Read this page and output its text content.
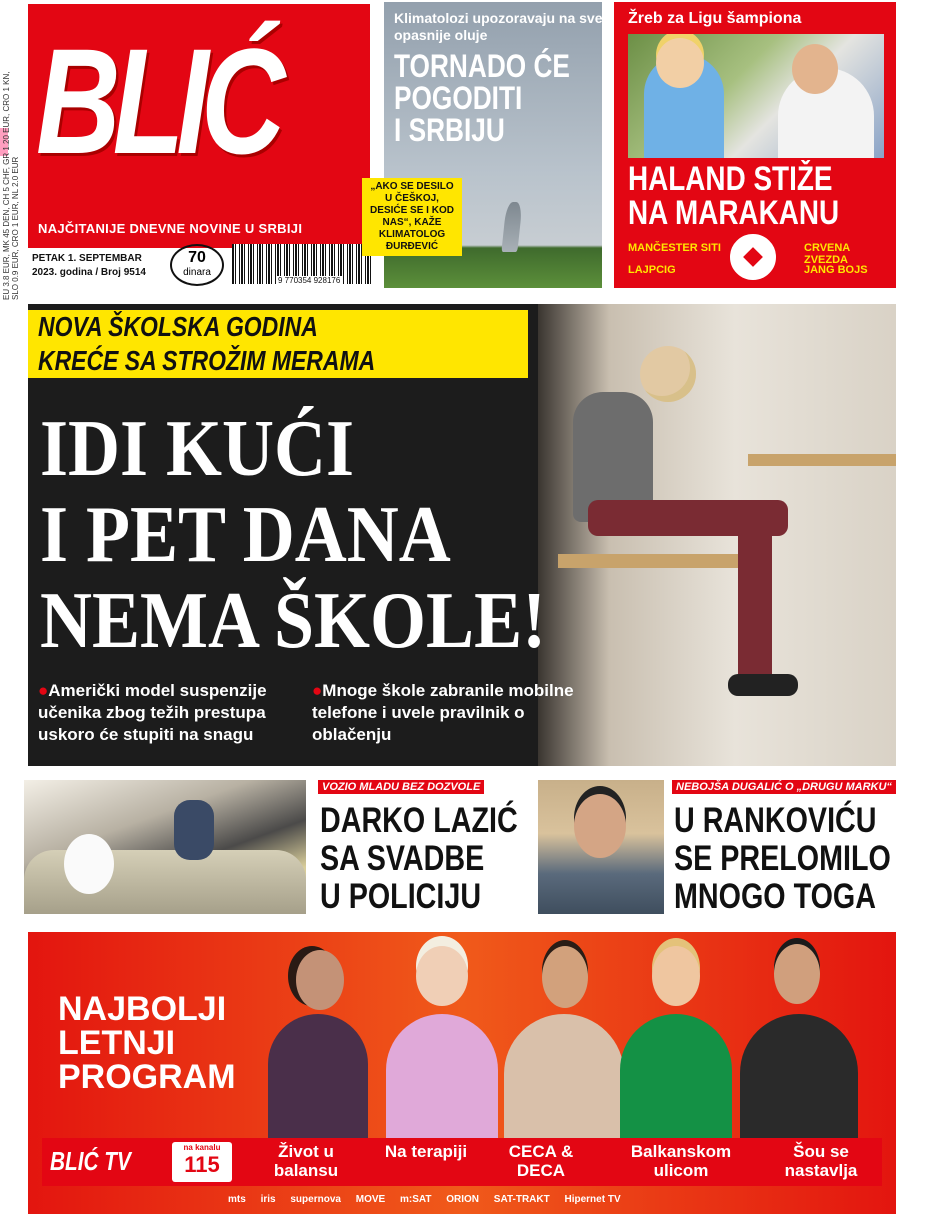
EU 3.8 EUR, MK 45 DEN, CH 5 CHF, GR 1.20 EUR, CRO 1 KN, SLO 0.9 EUR, CRO 1 EUR, NL 2.0 EUR
BLIĆ
NAJČITANIJE DNEVNE NOVINE U SRBIJI
PETAK 1. SEPTEMBAR
2023. godina / Broj 9514
70
dinara
9 770354 928176
Klimatolozi upozoravaju na sve opasnije oluje
TORNADO ĆE
POGODITI
I SRBIJU
„AKO SE DESILO U ČEŠKOJ, DESIĆE SE I KOD NAS“, KAŽE KLIMATOLOG ĐURĐEVIĆ
Žreb za Ligu šampiona
HALAND STIŽE
NA MARAKANU
MANČESTER SITI	CRVENA ZVEZDA
LAJPCIG	JANG BOJS
NOVA ŠKOLSKA GODINA
KREĆE SA STROŽIM MERAMA
IDI KUĆI
I PET DANA
NEMA ŠKOLE!
●Američki model suspenzije učenika zbog težih prestupa uskoro će stupiti na snagu
●Mnoge škole zabranile mobilne telefone i uvele pravilnik o oblačenju
VOZIO MLADU BEZ DOZVOLE
DARKO LAZIĆ
SA SVADBE
U POLICIJU
NEBOJŠA DUGALIĆ O „DRUGU MARKU“
U RANKOVIĆU
SE PRELOMILO
MNOGO TOGA
NAJBOLJI
LETNJI
PROGRAM
BLIĆ TV	na kanalu
115
Život u balansu
Na terapiji	CECA & DECA
Balkanskom ulicom
Šou se nastavlja
mts iris supernova MOVE m:SAT ORION SAT-TRAKT Hipernet TV
